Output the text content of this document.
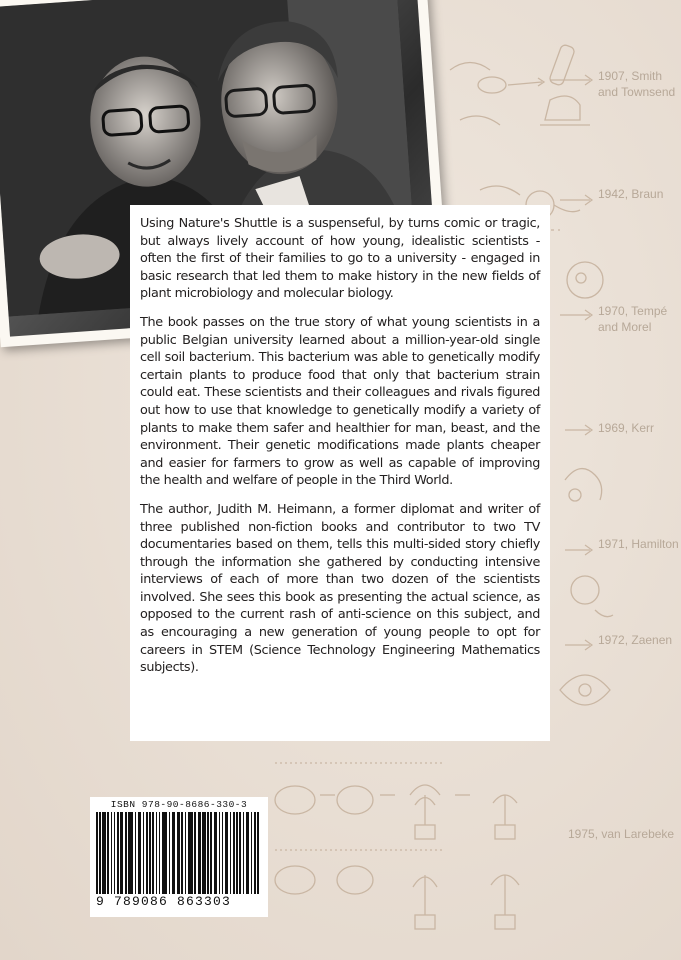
1907, Smith
and Townsend
1942, Braun
1970, Tempé
and Morel
1969, Kerr
1971, Hamilton
1972, Zaenen
1975, van Larebeke

Using Nature's Shuttle is a suspenseful, by turns comic or tragic, but always lively account of how young, idealistic scientists - often the first of their families to go to a university - engaged in basic research that led them to make history in the new fields of plant microbiology and molecular biology.

The book passes on the true story of what young scientists in a public Belgian university learned about a million-year-old single cell soil bacterium. This bacterium was able to genetically modify certain plants to produce food that only that bacterium strain could eat. These scientists and their colleagues and rivals figured out how to use that knowledge to genetically modify a variety of plants to make them safer and healthier for man, beast, and the environment. Their genetic modifications made plants cheaper and easier for farmers to grow as well as capable of improving the health and welfare of people in the Third World.

The author, Judith M. Heimann, a former diplomat and writer of three published non-fiction books and contributor to two TV documentaries based on them, tells this multi-sided story chiefly through the information she gathered by conducting intensive interviews of each of more than two dozen of the scientists involved. She sees this book as presenting the actual science, as opposed to the current rash of anti-science on this subject, and as encouraging a new generation of young people to opt for careers in STEM (Science Technology Engineering Mathematics subjects).

ISBN 978-90-8686-330-3
9 789086 863303
